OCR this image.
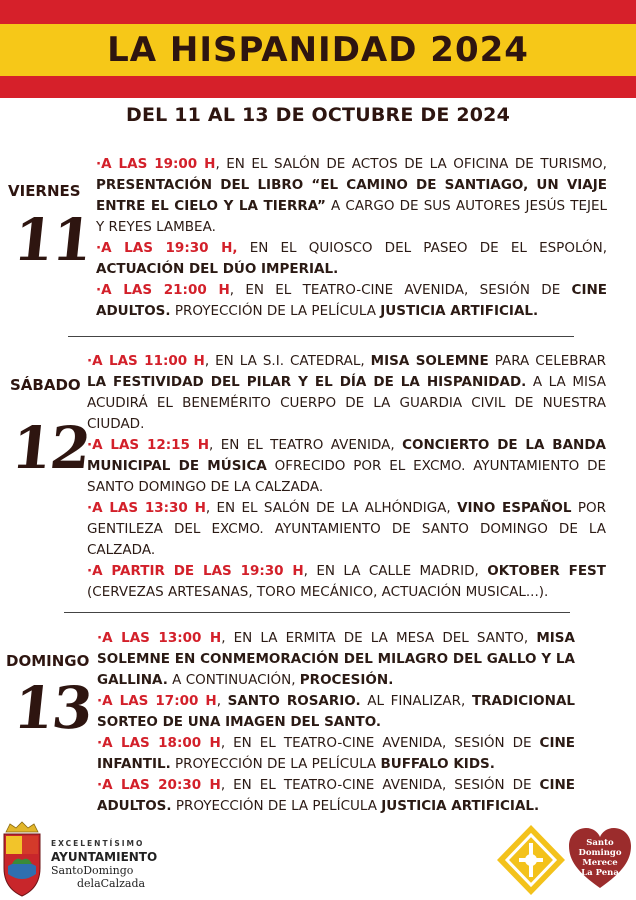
LA HISPANIDAD 2024
DEL 11 AL 13 DE OCTUBRE DE 2024
VIERNES
11

·A LAS 19:00 H, EN EL SALÓN DE ACTOS DE LA OFICINA DE TURISMO, PRESENTACIÓN DEL LIBRO “EL CAMINO DE SANTIAGO, UN VIAJE ENTRE EL CIELO Y LA TIERRA” A CARGO DE SUS AUTORES JESÚS TEJEL Y REYES LAMBEA.

·A LAS 19:30 H, EN EL QUIOSCO DEL PASEO DE EL ESPOLÓN, ACTUACIÓN DEL DÚO IMPERIAL.

·A LAS 21:00 H, EN EL TEATRO-CINE AVENIDA, SESIÓN DE CINE ADULTOS. PROYECCIÓN DE LA PELÍCULA JUSTICIA ARTIFICIAL.

SÁBADO
12

·A LAS 11:00 H, EN LA S.I. CATEDRAL, MISA SOLEMNE PARA CELEBRAR LA FESTIVIDAD DEL PILAR Y EL DÍA DE LA HISPANIDAD. A LA MISA ACUDIRÁ EL BENEMÉRITO CUERPO DE LA GUARDIA CIVIL DE NUESTRA CIUDAD.

·A LAS 12:15 H, EN EL TEATRO AVENIDA, CONCIERTO DE LA BANDA MUNICIPAL DE MÚSICA OFRECIDO POR EL EXCMO. AYUNTAMIENTO DE SANTO DOMINGO DE LA CALZADA.

·A LAS 13:30 H, EN EL SALÓN DE LA ALHÓNDIGA, VINO ESPAÑOL POR GENTILEZA DEL EXCMO. AYUNTAMIENTO DE SANTO DOMINGO DE LA CALZADA.

·A PARTIR DE LAS 19:30 H, EN LA CALLE MADRID, OKTOBER FEST (CERVEZAS ARTESANAS, TORO MECÁNICO, ACTUACIÓN MUSICAL...).

DOMINGO
13

·A LAS 13:00 H, EN LA ERMITA DE LA MESA DEL SANTO, MISA SOLEMNE EN CONMEMORACIÓN DEL MILAGRO DEL GALLO Y LA GALLINA. A CONTINUACIÓN, PROCESIÓN.

·A LAS 17:00 H, SANTO ROSARIO. AL FINALIZAR, TRADICIONAL SORTEO DE UNA IMAGEN DEL SANTO.

·A LAS 18:00 H, EN EL TEATRO-CINE AVENIDA, SESIÓN DE CINE INFANTIL. PROYECCIÓN DE LA PELÍCULA BUFFALO KIDS.

·A LAS 20:30 H, EN EL TEATRO-CINE AVENIDA, SESIÓN DE CINE ADULTOS. PROYECCIÓN DE LA PELÍCULA JUSTICIA ARTIFICIAL.

EXCELENTÍSIMO
AYUNTAMIENTO
SantoDomingo
delaCalzada
Santo
Domingo
Merece
La Pena
